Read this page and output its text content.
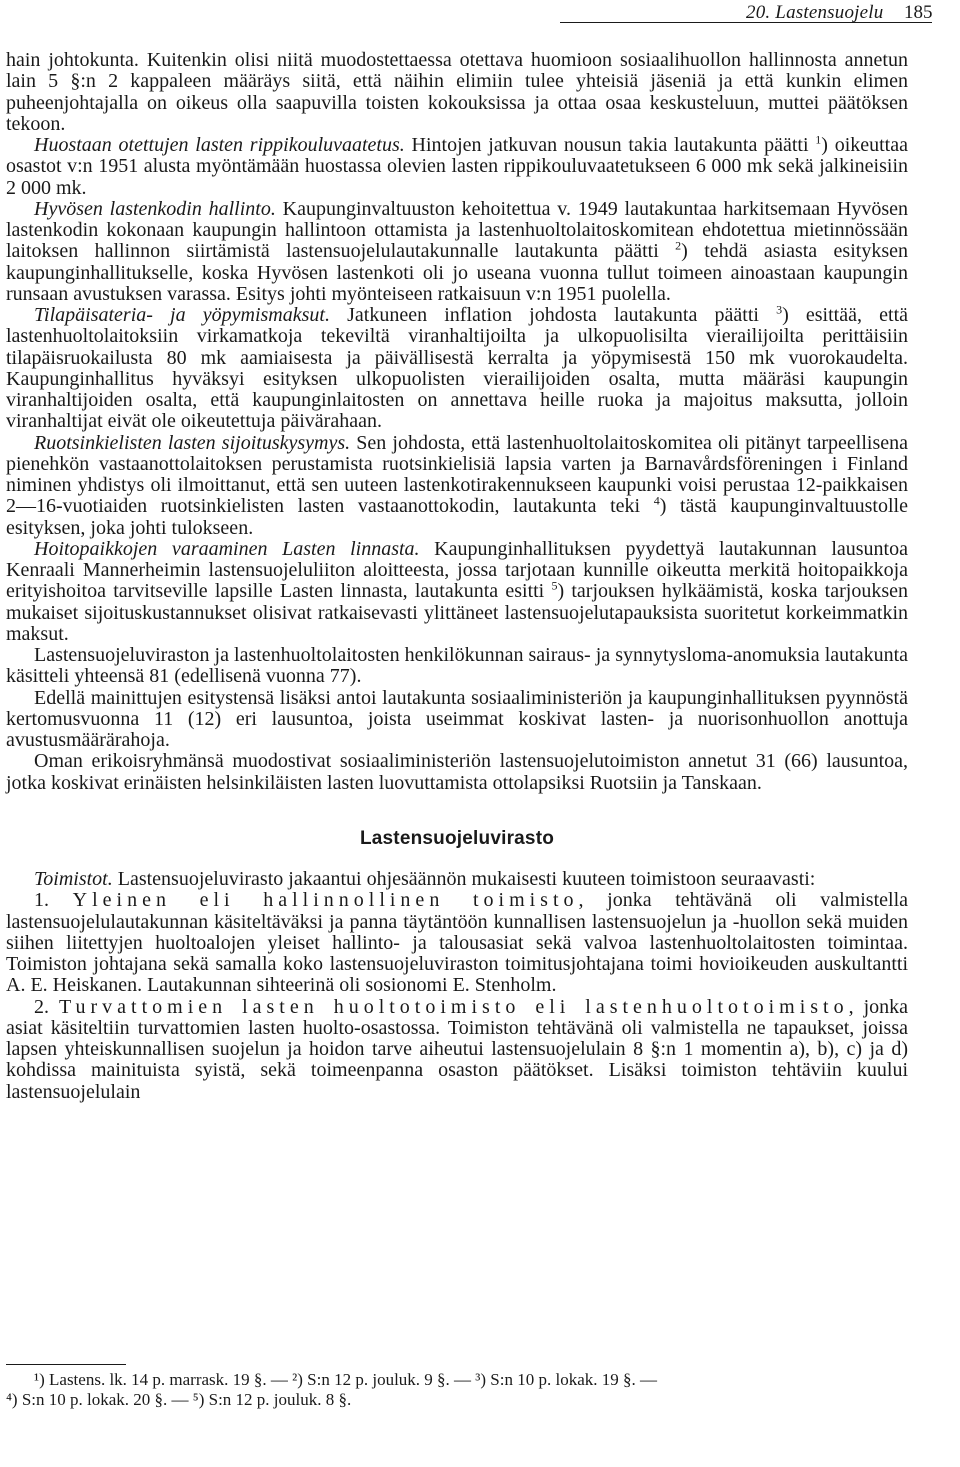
20. Lastensuojelu 185

hain johtokunta. Kuitenkin olisi niitä muodostettaessa otettava huomioon sosiaalihuollon hallinnosta annetun lain 5 §:n 2 kappaleen määräys siitä, että näihin elimiin tulee yhteisiä jäseniä ja että kunkin elimen puheenjohtajalla on oikeus olla saapuvilla toisten kokouksissa ja ottaa osaa keskusteluun, muttei päätöksen tekoon.

Huostaan otettujen lasten rippikouluvaatetus. Hintojen jatkuvan nousun takia lautakunta päätti $^1$) oikeuttaa osastot v:n 1951 alusta myöntämään huostassa olevien lasten rippikouluvaatetukseen 6 000 mk sekä jalkineisiin 2 000 mk.

Hyvösen lastenkodin hallinto. Kaupunginvaltuuston kehoitettua v. 1949 lautakuntaa harkitsemaan Hyvösen lastenkodin kokonaan kaupungin hallintoon ottamista ja lastenhuoltolaitoskomitean ehdotettua mietinnössään laitoksen hallinnon siirtämistä lastensuojelulautakunnalle lautakunta päätti $^2$) tehdä asiasta esityksen kaupunginhallitukselle, koska Hyvösen lastenkoti oli jo useana vuonna tullut toimeen ainoastaan kaupungin runsaan avustuksen varassa. Esitys johti myönteiseen ratkaisuun v:n 1951 puolella.

Tilapäisateria- ja yöpymismaksut. Jatkuneen inflation johdosta lautakunta päätti $^3$) esittää, että lastenhuoltolaitoksiin virkamatkoja tekeviltä viranhaltijoilta ja ulkopuolisilta vierailijoilta perittäisiin tilapäisruokailusta 80 mk aamiaisesta ja päivällisestä kerralta ja yöpymisestä 150 mk vuorokaudelta. Kaupunginhallitus hyväksyi esityksen ulkopuolisten vierailijoiden osalta, mutta määräsi kaupungin viranhaltijoiden osalta, että kaupunginlaitosten on annettava heille ruoka ja majoitus maksutta, jolloin viranhaltijat eivät ole oikeutettuja päivärahaan.

Ruotsinkielisten lasten sijoituskysymys. Sen johdosta, että lastenhuoltolaitoskomitea oli pitänyt tarpeellisena pienehkön vastaanottolaitoksen perustamista ruotsinkielisiä lapsia varten ja Barnavårdsföreningen i Finland niminen yhdistys oli ilmoittanut, että sen uuteen lastenkotirakennukseen kaupunki voisi perustaa 12-paikkaisen 2—16-vuotiaiden ruotsinkielisten lasten vastaanottokodin, lautakunta teki $^4$) tästä kaupunginvaltuustolle esityksen, joka johti tulokseen.

Hoitopaikkojen varaaminen Lasten linnasta. Kaupunginhallituksen pyydettyä lautakunnan lausuntoa Kenraali Mannerheimin lastensuojeluliiton aloitteesta, jossa tarjotaan kunnille oikeutta merkitä hoitopaikkoja erityishoitoa tarvitseville lapsille Lasten linnasta, lautakunta esitti $^5$) tarjouksen hylkäämistä, koska tarjouksen mukaiset sijoituskustannukset olisivat ratkaisevasti ylittäneet lastensuojelutapauksista suoritetut korkeimmatkin maksut.

Lastensuojeluviraston ja lastenhuoltolaitosten henkilökunnan sairaus- ja synnytysloma-anomuksia lautakunta käsitteli yhteensä 81 (edellisenä vuonna 77).

Edellä mainittujen esitystensä lisäksi antoi lautakunta sosiaaliministeriön ja kaupunginhallituksen pyynnöstä kertomusvuonna 11 (12) eri lausuntoa, joista useimmat koskivat lasten- ja nuorisonhuollon anottuja avustusmäärärahoja.

Oman erikoisryhmänsä muodostivat sosiaaliministeriön lastensuojelutoimiston annetut 31 (66) lausuntoa, jotka koskivat erinäisten helsinkiläisten lasten luovuttamista ottolapsiksi Ruotsiin ja Tanskaan.

Lastensuojeluvirasto

Toimistot. Lastensuojeluvirasto jakaantui ohjesäännön mukaisesti kuuteen toimistoon seuraavasti:

1. Yleinen eli hallinnollinen toimisto, jonka tehtävänä oli valmistella lastensuojelulautakunnan käsiteltäväksi ja panna täytäntöön kunnallisen lastensuojelun ja -huollon sekä muiden siihen liitettyjen huoltoalojen yleiset hallinto- ja talousasiat sekä valvoa lastenhuoltolaitosten toimintaa. Toimiston johtajana sekä samalla koko lastensuojeluviraston toimitusjohtajana toimi hovioikeuden auskultantti A. E. Heiskanen. Lautakunnan sihteerinä oli sosionomi E. Stenholm.

2. Turvattomien lasten huoltotoimisto eli lastenhuoltotoimisto, jonka asiat käsiteltiin turvattomien lasten huolto-osastossa. Toimiston tehtävänä oli valmistella ne tapaukset, joissa lapsen yhteiskunnallisen suojelun ja hoidon tarve aiheutui lastensuojelulain 8 §:n 1 momentin a), b), c) ja d) kohdissa mainituista syistä, sekä toimeenpanna osaston päätökset. Lisäksi toimiston tehtäviin kuului lastensuojelulain

¹) Lastens. lk. 14 p. marrask. 19 §. — ²) S:n 12 p. jouluk. 9 §. — ³) S:n 10 p. lokak. 19 §. —

⁴) S:n 10 p. lokak. 20 §. — ⁵) S:n 12 p. jouluk. 8 §.
